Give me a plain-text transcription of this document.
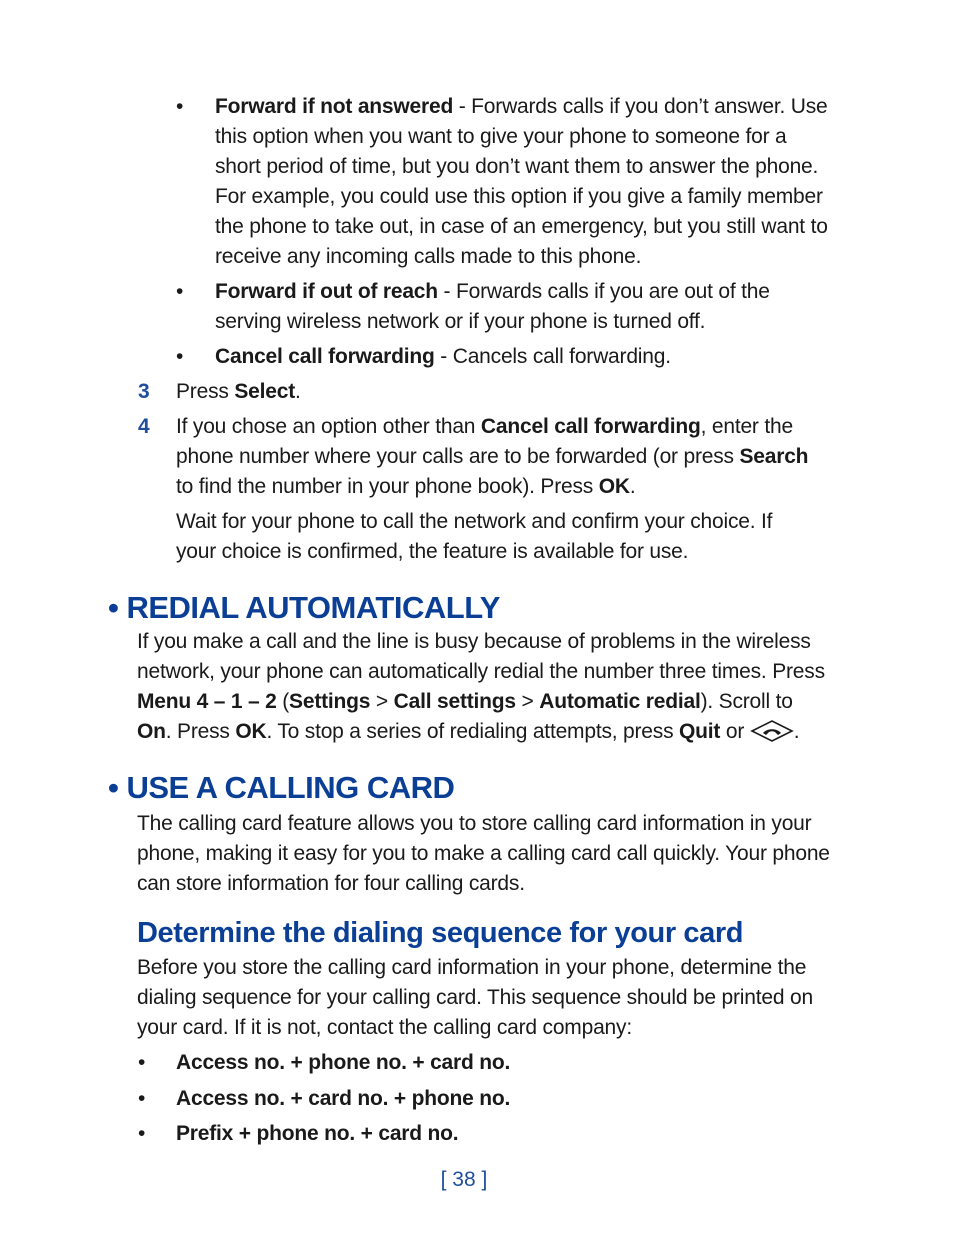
• Forward if not answered - Forwards calls if you don’t answer. Use this option when you want to give your phone to someone for a short period of time, but you don’t want them to answer the phone. For example, you could use this option if you give a family member the phone to take out, in case of an emergency, but you still want to receive any incoming calls made to this phone.

• Forward if out of reach - Forwards calls if you are out of the serving wireless network or if your phone is turned off.

• Cancel call forwarding - Cancels call forwarding.

3 Press Select.

4 If you chose an option other than Cancel call forwarding, enter the phone number where your calls are to be forwarded (or press Search to find the number in your phone book). Press OK.

Wait for your phone to call the network and confirm your choice. If your choice is confirmed, the feature is available for use.

• REDIAL AUTOMATICALLY

If you make a call and the line is busy because of problems in the wireless network, your phone can automatically redial the number three times. Press Menu 4 – 1 – 2 (Settings > Call settings > Automatic redial). Scroll to On. Press OK. To stop a series of redialing attempts, press Quit or .

• USE A CALLING CARD

The calling card feature allows you to store calling card information in your phone, making it easy for you to make a calling card call quickly. Your phone can store information for four calling cards.

Determine the dialing sequence for your card

Before you store the calling card information in your phone, determine the dialing sequence for your calling card. This sequence should be printed on your card. If it is not, contact the calling card company:

• Access no. + phone no. + card no.

• Access no. + card no. + phone no.

• Prefix + phone no. + card no.

[ 38 ]
